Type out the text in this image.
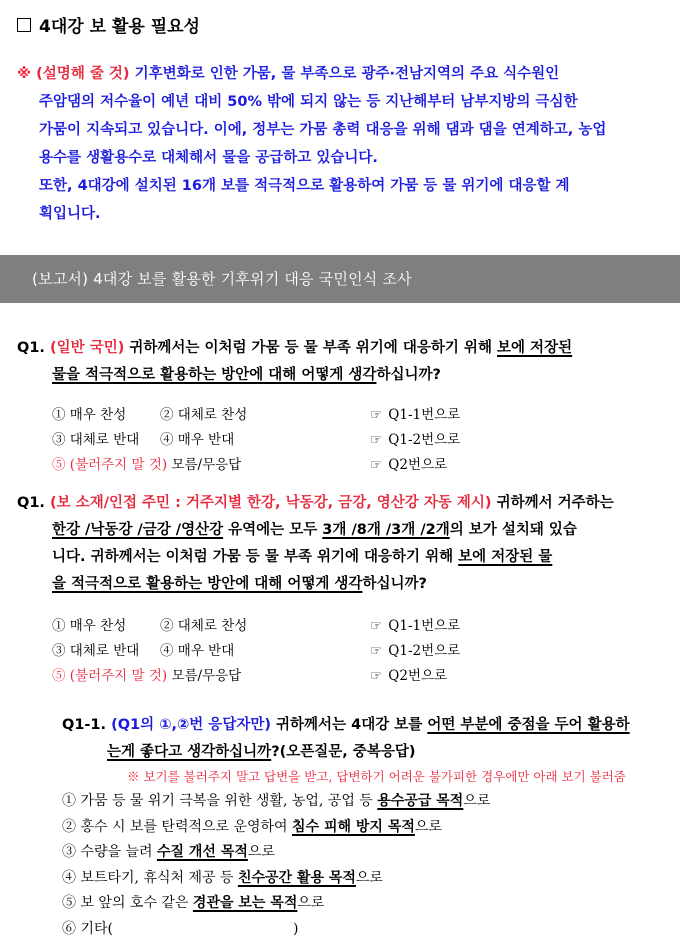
4대강 보 활용 필요성
※ (설명해 줄 것) 기후변화로 인한 가뭄, 물 부족으로 광주·전남지역의 주요 식수원인
주암댐의 저수율이 예년 대비 50% 밖에 되지 않는 등 지난해부터 남부지방의 극심한
가뭄이 지속되고 있습니다. 이에, 정부는 가뭄 총력 대응을 위해 댐과 댐을 연계하고, 농업
용수를 생활용수로 대체해서 물을 공급하고 있습니다.
또한, 4대강에 설치된 16개 보를 적극적으로 활용하여 가뭄 등 물 위기에 대응할 계
획입니다.
(보고서) 4대강 보를 활용한 기후위기 대응 국민인식 조사
Q1. (일반 국민) 귀하께서는 이처럼 가뭄 등 물 부족 위기에 대응하기 위해 보에 저장된
물을 적극적으로 활용하는 방안에 대해 어떻게 생각하십니까?
① 매우 찬성	② 대체로 찬성	☞ Q1-1번으로
③ 대체로 반대 ④ 매우 반대	☞ Q1-2번으로
⑤ (불러주지 말 것) 모름/무응답	☞ Q2번으로
Q1. (보 소재/인접 주민 : 거주지별 한강, 낙동강, 금강, 영산강 자동 제시) 귀하께서 거주하는
한강 /낙동강 /금강 /영산강 유역에는 모두 3개 /8개 /3개 /2개의 보가 설치돼 있습
니다. 귀하께서는 이처럼 가뭄 등 물 부족 위기에 대응하기 위해 보에 저장된 물
을 적극적으로 활용하는 방안에 대해 어떻게 생각하십니까?
① 매우 찬성	② 대체로 찬성	☞ Q1-1번으로
③ 대체로 반대 ④ 매우 반대	☞ Q1-2번으로
⑤ (불러주지 말 것) 모름/무응답	☞ Q2번으로
Q1-1. (Q1의 ①,②번 응답자만) 귀하께서는 4대강 보를 어떤 부분에 중점을 두어 활용하
는게 좋다고 생각하십니까?(오픈질문, 중복응답)
※ 보기를 불러주지 말고 답변을 받고, 답변하기 어려운 불가피한 경우에만 아래 보기 불러줌
① 가뭄 등 물 위기 극복을 위한 생활, 농업, 공업 등 용수공급 목적으로
② 홍수 시 보를 탄력적으로 운영하여 침수 피해 방지 목적으로
③ 수량을 늘려 수질 개선 목적으로
④ 보트타기, 휴식처 제공 등 친수공간 활용 목적으로
⑤ 보 앞의 호수 같은 경관을 보는 목적으로
⑥ 기타(	)
